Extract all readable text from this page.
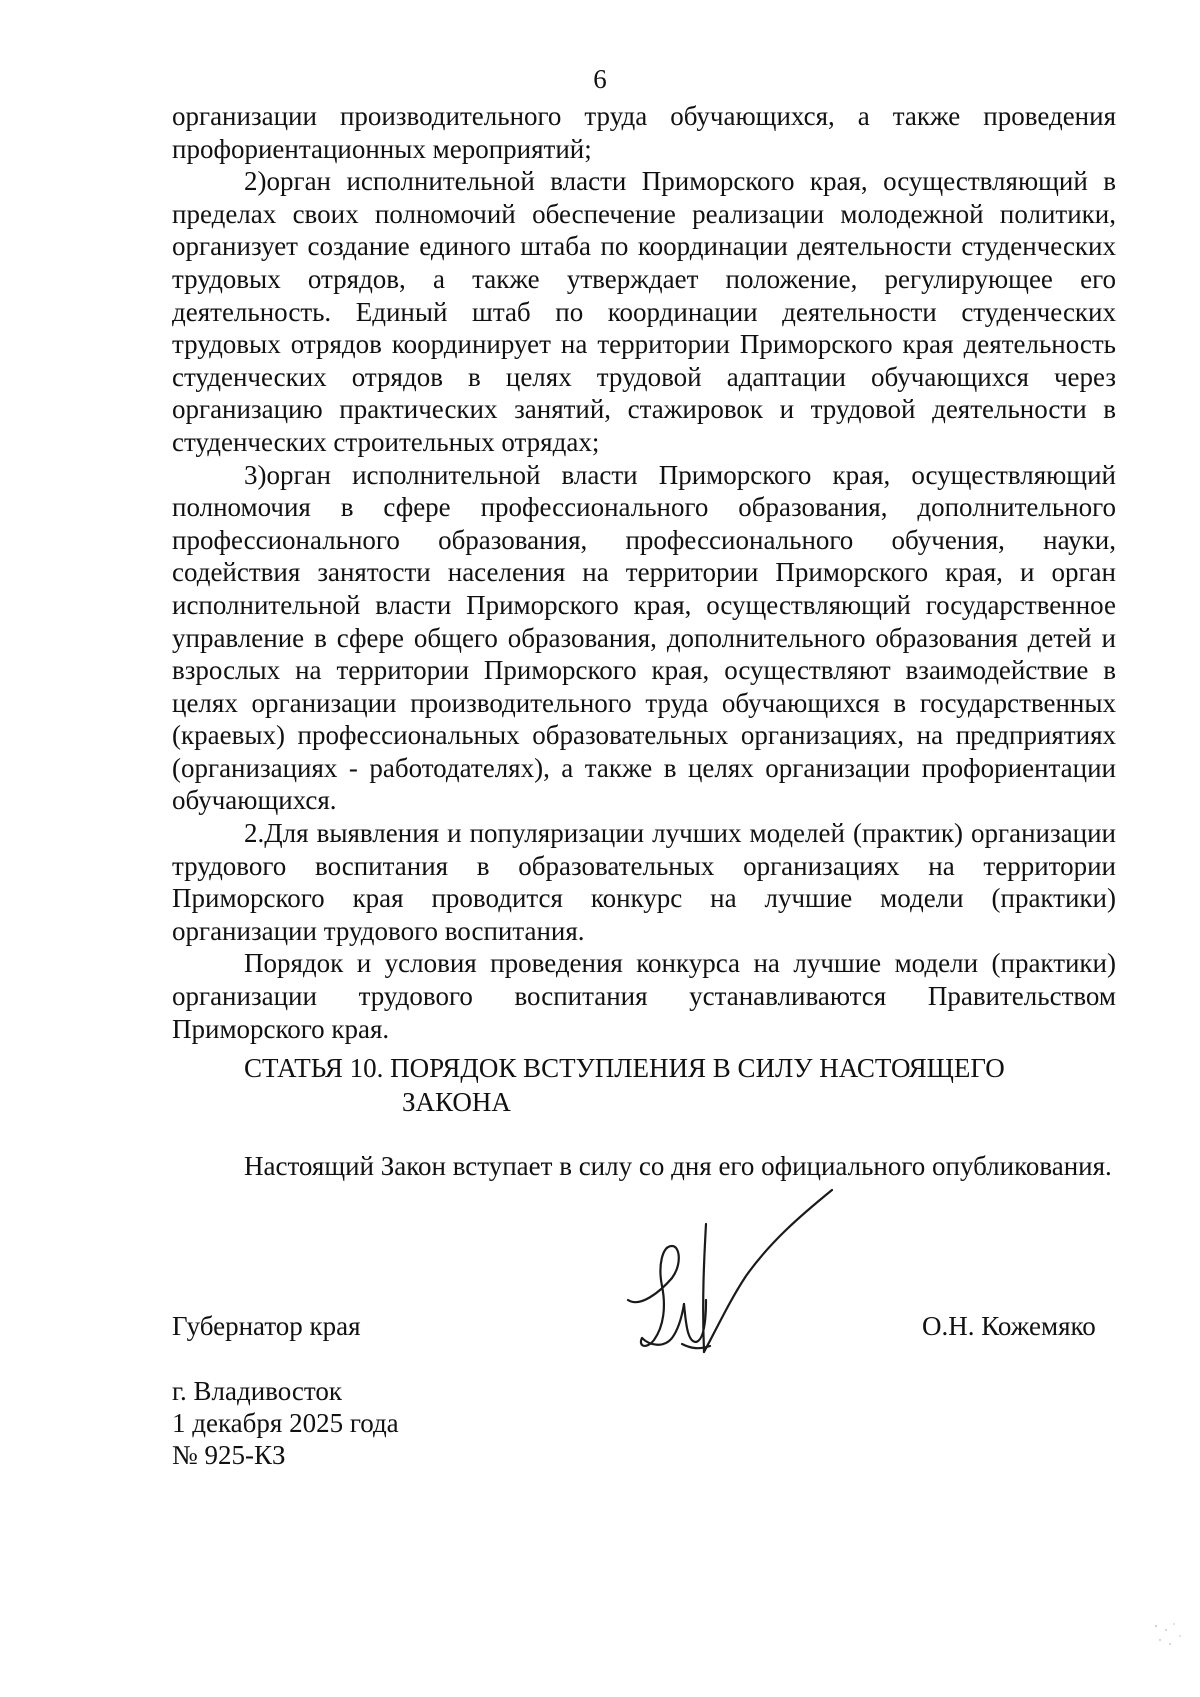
6

организации производительного труда обучающихся, а также проведения профориентационных мероприятий;

2)орган исполнительной власти Приморского края, осуществляющий в пределах своих полномочий обеспечение реализации молодежной политики, организует создание единого штаба по координации деятельности студенческих трудовых отрядов, а также утверждает положение, регулирующее его деятельность. Единый штаб по координации деятельности студенческих трудовых отрядов координирует на территории Приморского края деятельность студенческих отрядов в целях трудовой адаптации обучающихся через организацию практических занятий, стажировок и трудовой деятельности в студенческих строительных отрядах;

3)орган исполнительной власти Приморского края, осуществляющий полномочия в сфере профессионального образования, дополнительного профессионального образования, профессионального обучения, науки, содействия занятости населения на территории Приморского края, и орган исполнительной власти Приморского края, осуществляющий государственное управление в сфере общего образования, дополнительного образования детей и взрослых на территории Приморского края, осуществляют взаимодействие в целях организации производительного труда обучающихся в государственных (краевых) профессиональных образовательных организациях, на предприятиях (организациях - работодателях), а также в целях организации профориентации обучающихся.

2.Для выявления и популяризации лучших моделей (практик) организации трудового воспитания в образовательных организациях на территории Приморского края проводится конкурс на лучшие модели (практики) организации трудового воспитания.

Порядок и условия проведения конкурса на лучшие модели (практики) организации трудового воспитания устанавливаются Правительством Приморского края.

СТАТЬЯ 10. ПОРЯДОК ВСТУПЛЕНИЯ В СИЛУ НАСТОЯЩЕГО
ЗАКОНА

Настоящий Закон вступает в силу со дня его официального опубликования.

Губернатор края	О.Н. Кожемяко
г. Владивосток
1 декабря 2025 года
№ 925-КЗ
